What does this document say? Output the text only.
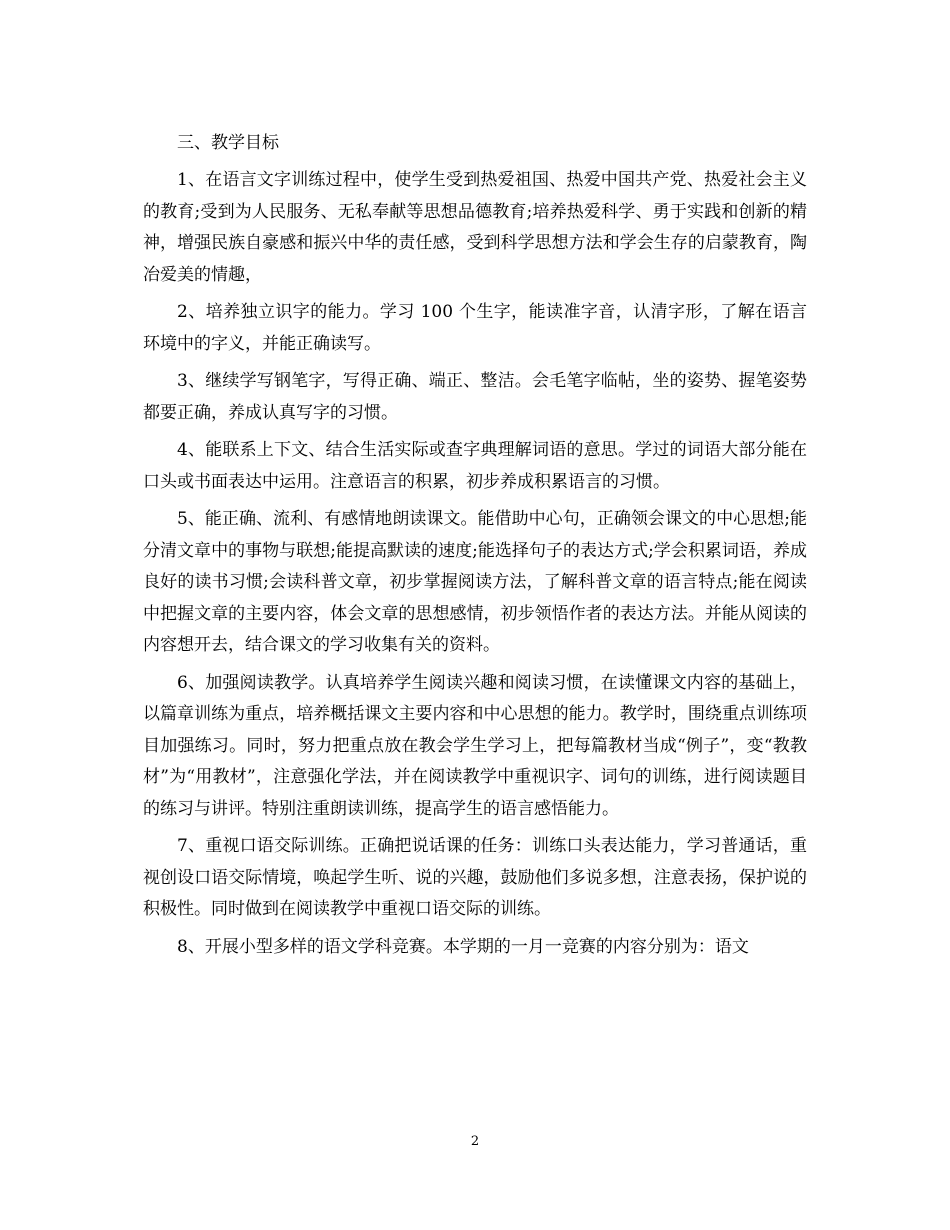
三、教学目标

1、在语言文字训练过程中，使学生受到热爱祖国、热爱中国共产党、热爱社会主义的教育;受到为人民服务、无私奉献等思想品德教育;培养热爱科学、勇于实践和创新的精神，增强民族自豪感和振兴中华的责任感，受到科学思想方法和学会生存的启蒙教育，陶冶爱美的情趣，

2、培养独立识字的能力。学习 100 个生字，能读准字音，认清字形，了解在语言环境中的字义，并能正确读写。

3、继续学写钢笔字，写得正确、端正、整洁。会毛笔字临帖，坐的姿势、握笔姿势都要正确，养成认真写字的习惯。

4、能联系上下文、结合生活实际或查字典理解词语的意思。学过的词语大部分能在口头或书面表达中运用。注意语言的积累，初步养成积累语言的习惯。

5、能正确、流利、有感情地朗读课文。能借助中心句，正确领会课文的中心思想;能分清文章中的事物与联想;能提高默读的速度;能选择句子的表达方式;学会积累词语，养成良好的读书习惯;会读科普文章，初步掌握阅读方法，了解科普文章的语言特点;能在阅读中把握文章的主要内容，体会文章的思想感情，初步领悟作者的表达方法。并能从阅读的内容想开去，结合课文的学习收集有关的资料。

6、加强阅读教学。认真培养学生阅读兴趣和阅读习惯，在读懂课文内容的基础上，以篇章训练为重点，培养概括课文主要内容和中心思想的能力。教学时，围绕重点训练项目加强练习。同时，努力把重点放在教会学生学习上，把每篇教材当成“例子”，变“教教材”为“用教材”，注意强化学法，并在阅读教学中重视识字、词句的训练，进行阅读题目的练习与讲评。特别注重朗读训练，提高学生的语言感悟能力。

7、重视口语交际训练。正确把说话课的任务：训练口头表达能力，学习普通话，重视创设口语交际情境，唤起学生听、说的兴趣，鼓励他们多说多想，注意表扬，保护说的积极性。同时做到在阅读教学中重视口语交际的训练。

8、开展小型多样的语文学科竞赛。本学期的一月一竞赛的内容分别为：语文

2
